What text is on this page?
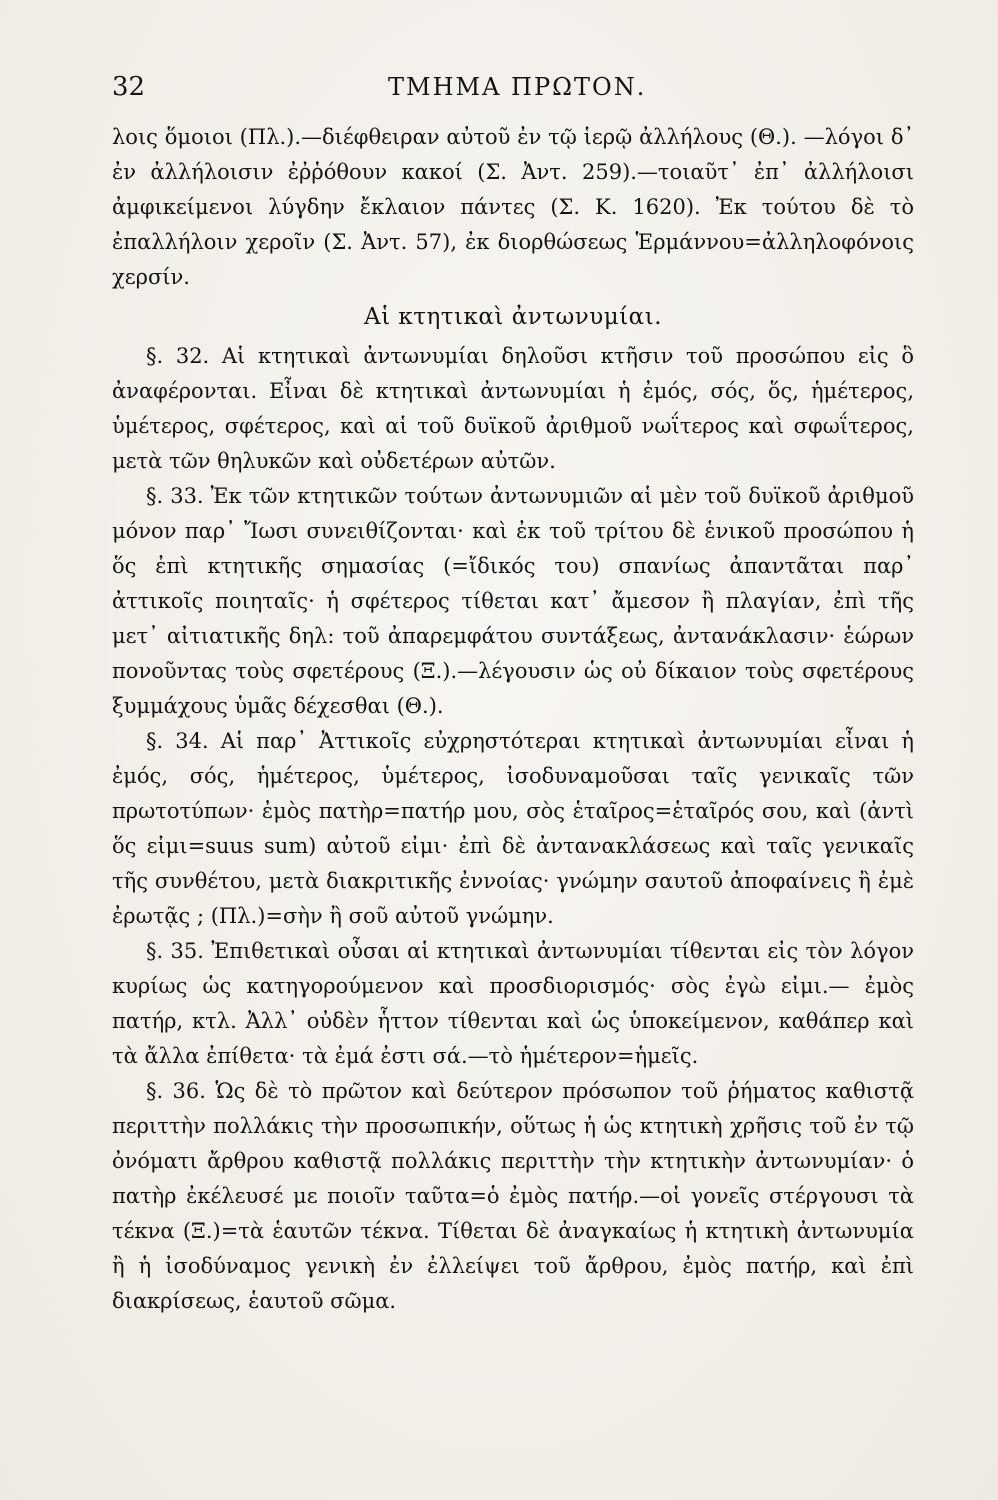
32	ΤΜΗΜΑ ΠΡΩΤΟΝ.

λοις ὅμοιοι (Πλ.).—διέφθειραν αὐτοῦ ἐν τῷ ἱερῷ ἀλλήλους (Θ.). —λόγοι δ᾽ ἐν ἀλλήλοισιν ἐῤῥόθουν κακοί (Σ. Ἀντ. 259).—τοιαῦτ᾽ ἐπ᾽ ἀλλήλοισι ἀμφικείμενοι λύγδην ἔκλαιον πάντες (Σ. Κ. 1620). Ἐκ τούτου δὲ τὸ ἐπαλλήλοιν χεροῖν (Σ. Ἀντ. 57), ἐκ διορθώσεως Ἑρμάννου=ἀλληλοφόνοις χερσίν.

Αἱ κτητικαὶ ἀντωνυμίαι.

§. 32. Αἱ κτητικαὶ ἀντωνυμίαι δηλοῦσι κτῆσιν τοῦ προσώπου εἰς ὃ ἀναφέρονται. Εἶναι δὲ κτητικαὶ ἀντωνυμίαι ἡ ἐμός, σός, ὅς, ἡμέτερος, ὑμέτερος, σφέτερος, καὶ αἱ τοῦ δυϊκοῦ ἀριθμοῦ νωΐτερος καὶ σφωΐτερος, μετὰ τῶν θηλυκῶν καὶ οὐδετέρων αὐτῶν.

§. 33. Ἐκ τῶν κτητικῶν τούτων ἀντωνυμιῶν αἱ μὲν τοῦ δυϊκοῦ ἀριθμοῦ μόνον παρ᾽ Ἴωσι συνειθίζονται· καὶ ἐκ τοῦ τρίτου δὲ ἑνικοῦ προσώπου ἡ ὅς ἐπὶ κτητικῆς σημασίας (=ἴδικός του) σπανίως ἀπαντᾶται παρ᾽ ἀττικοῖς ποιηταῖς· ἡ σφέτερος τίθεται κατ᾽ ἄμεσον ἢ πλαγίαν, ἐπὶ τῆς μετ᾽ αἰτιατικῆς δηλ: τοῦ ἀπαρεμφάτου συντάξεως, ἀντανάκλασιν· ἑώρων πονοῦντας τοὺς σφετέρους (Ξ.).—λέγουσιν ὡς οὐ δίκαιον τοὺς σφετέρους ξυμμάχους ὑμᾶς δέχεσθαι (Θ.).

§. 34. Αἱ παρ᾽ Ἀττικοῖς εὐχρηστότεραι κτητικαὶ ἀντωνυμίαι εἶναι ἡ ἐμός, σός, ἡμέτερος, ὑμέτερος, ἰσοδυναμοῦσαι ταῖς γενικαῖς τῶν πρωτοτύπων· ἐμὸς πατὴρ=πατήρ μου, σὸς ἑταῖρος=ἑταῖρός σου, καὶ (ἀντὶ ὅς εἰμι=suus sum) αὐτοῦ εἰμι· ἐπὶ δὲ ἀντανακλάσεως καὶ ταῖς γενικαῖς τῆς συνθέτου, μετὰ διακριτικῆς ἐννοίας· γνώμην σαυτοῦ ἀποφαίνεις ἢ ἐμὲ ἐρωτᾷς ; (Πλ.)=σὴν ἢ σοῦ αὐτοῦ γνώμην.

§. 35. Ἐπιθετικαὶ οὖσαι αἱ κτητικαὶ ἀντωνυμίαι τίθενται εἰς τὸν λόγον κυρίως ὡς κατηγορούμενον καὶ προσδιορισμός· σὸς ἐγὼ εἰμι.— ἐμὸς πατήρ, κτλ. Ἀλλ᾽ οὐδὲν ἧττον τίθενται καὶ ὡς ὑποκείμενον, καθάπερ καὶ τὰ ἄλλα ἐπίθετα· τὰ ἐμά ἐστι σά.—τὸ ἡμέτερον=ἡμεῖς.

§. 36. Ὡς δὲ τὸ πρῶτον καὶ δεύτερον πρόσωπον τοῦ ῥήματος καθιστᾷ περιττὴν πολλάκις τὴν προσωπικήν, οὕτως ἡ ὡς κτητικὴ χρῆσις τοῦ ἐν τῷ ὀνόματι ἄρθρου καθιστᾷ πολλάκις περιττὴν τὴν κτητικὴν ἀντωνυμίαν· ὁ πατὴρ ἐκέλευσέ με ποιοῖν ταῦτα=ὁ ἐμὸς πατήρ.—οἱ γονεῖς στέργουσι τὰ τέκνα (Ξ.)=τὰ ἑαυτῶν τέκνα. Τίθεται δὲ ἀναγκαίως ἡ κτητικὴ ἀντωνυμία ἢ ἡ ἰσοδύναμος γενικὴ ἐν ἐλλείψει τοῦ ἄρθρου, ἐμὸς πατήρ, καὶ ἐπὶ διακρίσεως, ἑαυτοῦ σῶμα.
